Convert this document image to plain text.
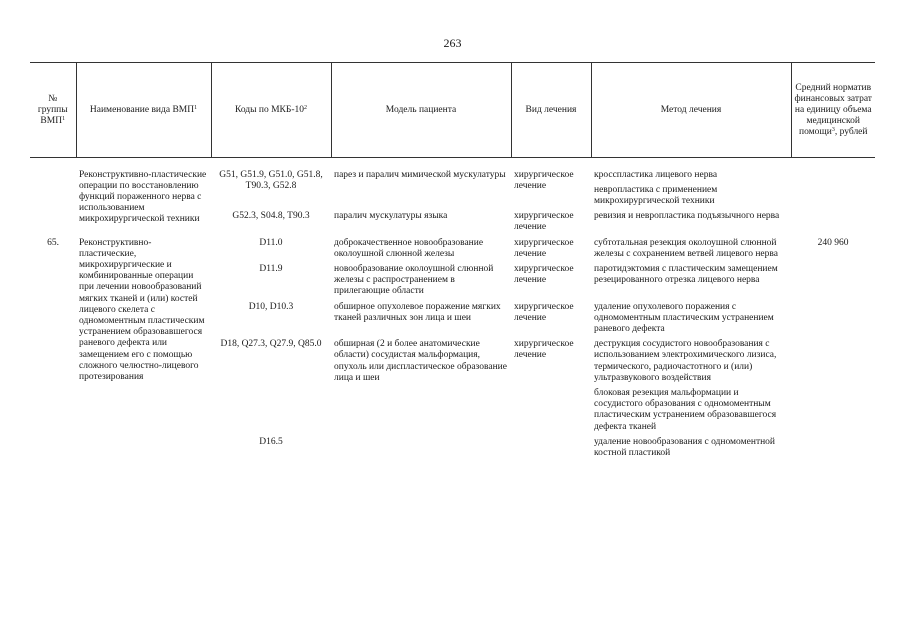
263
№ группы ВМП$^1$	Наименование вида ВМП$^1$	Коды по МКБ-$10^2$	Модель пациента	Вид лечения	Метод лечения	Средний норматив финансовых затрат на единицу объема медицинской помощи$^3$, рублей

	Реконструктивно-пластические операции по восстановлению функций пораженного нерва с использованием микрохирургической техники	G51, G51.9, G51.0, G51.8, T90.3, G52.8	парез и паралич мимической мускулатуры	хирургическое лечение	кросспластика лицевого нерва	
					невропластика с применением микрохирургической техники	
		G52.3, S04.8, T90.3	паралич мускулатуры языка	хирургическое лечение	ревизия и невропластика подъязычного нерва	
65.	Реконструктивно-пластические, микрохирургические и комбинированные операции при лечении новообразований мягких тканей и (или) костей лицевого скелета с одномоментным пластическим устранением образовавшегося раневого дефекта или замещением его с помощью сложного челюстно-лицевого протезирования	D11.0	доброкачественное новообразование околоушной слюнной железы	хирургическое лечение	субтотальная резекция околоушной слюнной железы с сохранением ветвей лицевого нерва	240 960
		D11.9	новообразование околоушной слюнной железы с распространением в прилегающие области	хирургическое лечение	паротидэктомия с пластическим замещением резецированного отрезка лицевого нерва	
		D10, D10.3	обширное опухолевое поражение мягких тканей различных зон лица и шеи	хирургическое лечение	удаление опухолевого поражения с одномоментным пластическим устранением раневого дефекта	
		D18, Q27.3, Q27.9, Q85.0	обширная (2 и более анатомические области) сосудистая мальформация, опухоль или диспластическое образование лица и шеи	хирургическое лечение	деструкция сосудистого новообразования с использованием электрохимического лизиса, термического, радиочастотного и (или) ультразвукового воздействия	
					блоковая резекция мальформации и сосудистого образования с одномоментным пластическим устранением образовавшегося дефекта тканей	
		D16.5			удаление новообразования с одномоментной костной пластикой	
